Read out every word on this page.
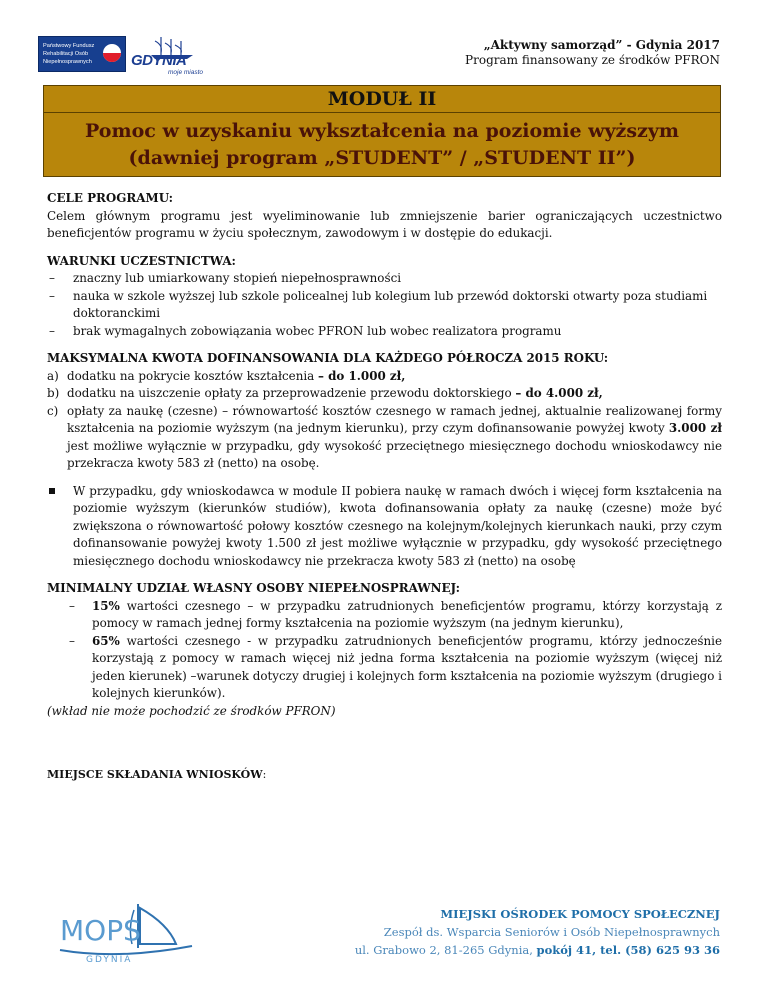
Państwowy Fundusz
Rehabilitacji Osób
Niepełnosprawnych	GDYNIA
moje miasto
„Aktywny samorząd” - Gdynia 2017
Program finansowany ze środków PFRON
MODUŁ II
Pomoc w uzyskaniu wykształcenia na poziomie wyższym
(dawniej program „STUDENT” / „STUDENT II”)
CELE PROGRAMU:

Celem głównym programu jest wyeliminowanie lub zmniejszenie barier ograniczających uczestnictwo beneficjentów programu w życiu społecznym, zawodowym i w dostępie do edukacji.

WARUNKI UCZESTNICTWA:
– znaczny lub umiarkowany stopień niepełnosprawności
– nauka w szkole wyższej lub szkole policealnej lub kolegium lub przewód doktorski otwarty poza studiami doktoranckimi
– brak wymagalnych zobowiązania wobec PFRON lub wobec realizatora programu
MAKSYMALNA KWOTA DOFINANSOWANIA DLA KAŻDEGO PÓŁROCZA 2015 ROKU:
a) dodatku na pokrycie kosztów kształcenia – do 1.000 zł,
b) dodatku na uiszczenie opłaty za przeprowadzenie przewodu doktorskiego – do 4.000 zł,
c) opłaty za naukę (czesne) – równowartość kosztów czesnego w ramach jednej, aktualnie realizowanej formy kształcenia na poziomie wyższym (na jednym kierunku), przy czym dofinansowanie powyżej kwoty 3.000 zł jest możliwe wyłącznie w przypadku, gdy wysokość przeciętnego miesięcznego dochodu wnioskodawcy nie przekracza kwoty 583 zł (netto) na osobę.
W przypadku, gdy wnioskodawca w module II pobiera naukę w ramach dwóch i więcej form kształcenia na poziomie wyższym (kierunków studiów), kwota dofinansowania opłaty za naukę (czesne) może być zwiększona o równowartość połowy kosztów czesnego na kolejnym/kolejnych kierunkach nauki, przy czym dofinansowanie powyżej kwoty 1.500 zł jest możliwe wyłącznie w przypadku, gdy wysokość przeciętnego miesięcznego dochodu wnioskodawcy nie przekracza kwoty 583 zł (netto) na osobę
MINIMALNY UDZIAŁ WŁASNY OSOBY NIEPEŁNOSPRAWNEJ:
– 15% wartości czesnego – w przypadku zatrudnionych beneficjentów programu, którzy korzystają z pomocy w ramach jednej formy kształcenia na poziomie wyższym (na jednym kierunku),
– 65% wartości czesnego - w przypadku zatrudnionych beneficjentów programu, którzy jednocześnie korzystają z pomocy w ramach więcej niż jedna forma kształcenia na poziomie wyższym (więcej niż jeden kierunek) –warunek dotyczy drugiej i kolejnych form kształcenia na poziomie wyższym (drugiego i kolejnych kierunków).
(wkład nie może pochodzić ze środków PFRON)
MIEJSCE SKŁADANIA WNIOSKÓW:
MOPS
GDYNIA
MIEJSKI OŚRODEK POMOCY SPOŁECZNEJ
Zespół ds. Wsparcia Seniorów i Osób Niepełnosprawnych
ul. Grabowo 2, 81-265 Gdynia, pokój 41, tel. (58) 625 93 36
